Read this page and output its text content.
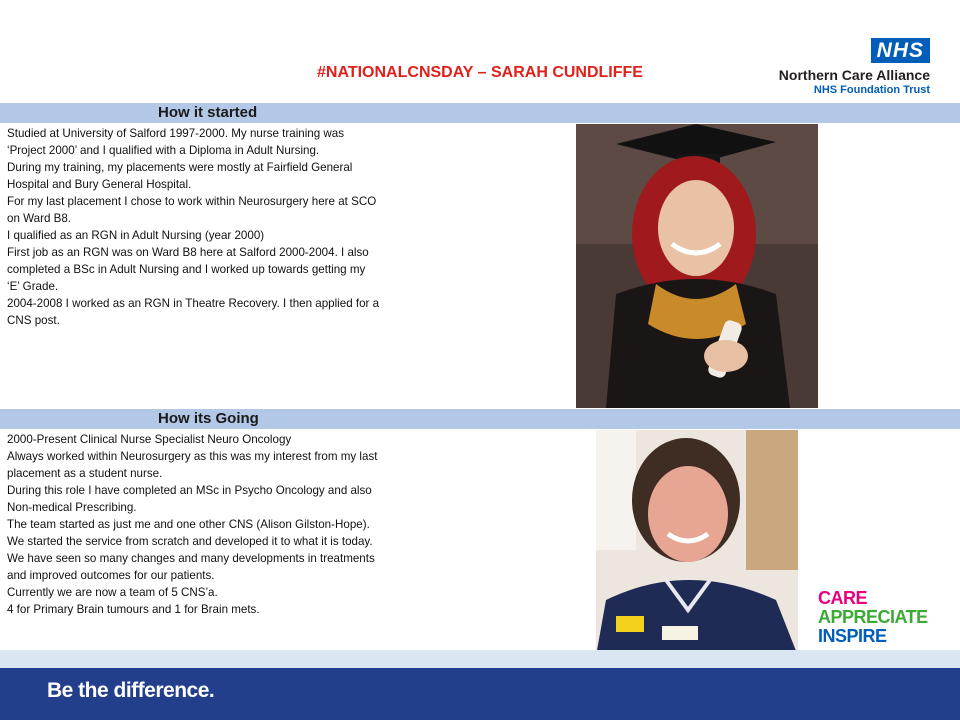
#NATIONALCNSDAY – SARAH CUNDLIFFE
NHS
Northern Care Alliance
NHS Foundation Trust
How it started

Studied at University of Salford 1997-2000. My nurse training was

‘Project 2000’ and I qualified with a Diploma in Adult Nursing.

During my training, my placements were mostly at Fairfield General

Hospital and Bury General Hospital.

For my last placement I chose to work within Neurosurgery here at SCO

on Ward B8.

I qualified as an RGN in Adult Nursing (year 2000)

First job as an RGN was on Ward B8 here at Salford 2000-2004. I also

completed a BSc in Adult Nursing and I worked up towards getting my

‘E’ Grade.

2004-2008 I worked as an RGN in Theatre Recovery. I then applied for a

CNS post.

How its Going

2000-Present Clinical Nurse Specialist Neuro Oncology

Always worked within Neurosurgery as this was my interest from my last

placement as a student nurse.

During this role I have completed an MSc in Psycho Oncology and also

Non-medical Prescribing.

The team started as just me and one other CNS (Alison Gilston-Hope).

We started the service from scratch and developed it to what it is today.

We have seen so many changes and many developments in treatments

and improved outcomes for our patients.

Currently we are now a team of 5 CNS’a.

4 for Primary Brain tumours and 1 for Brain mets.

CARE
APPRECIATE
INSPIRE
Be the difference.
